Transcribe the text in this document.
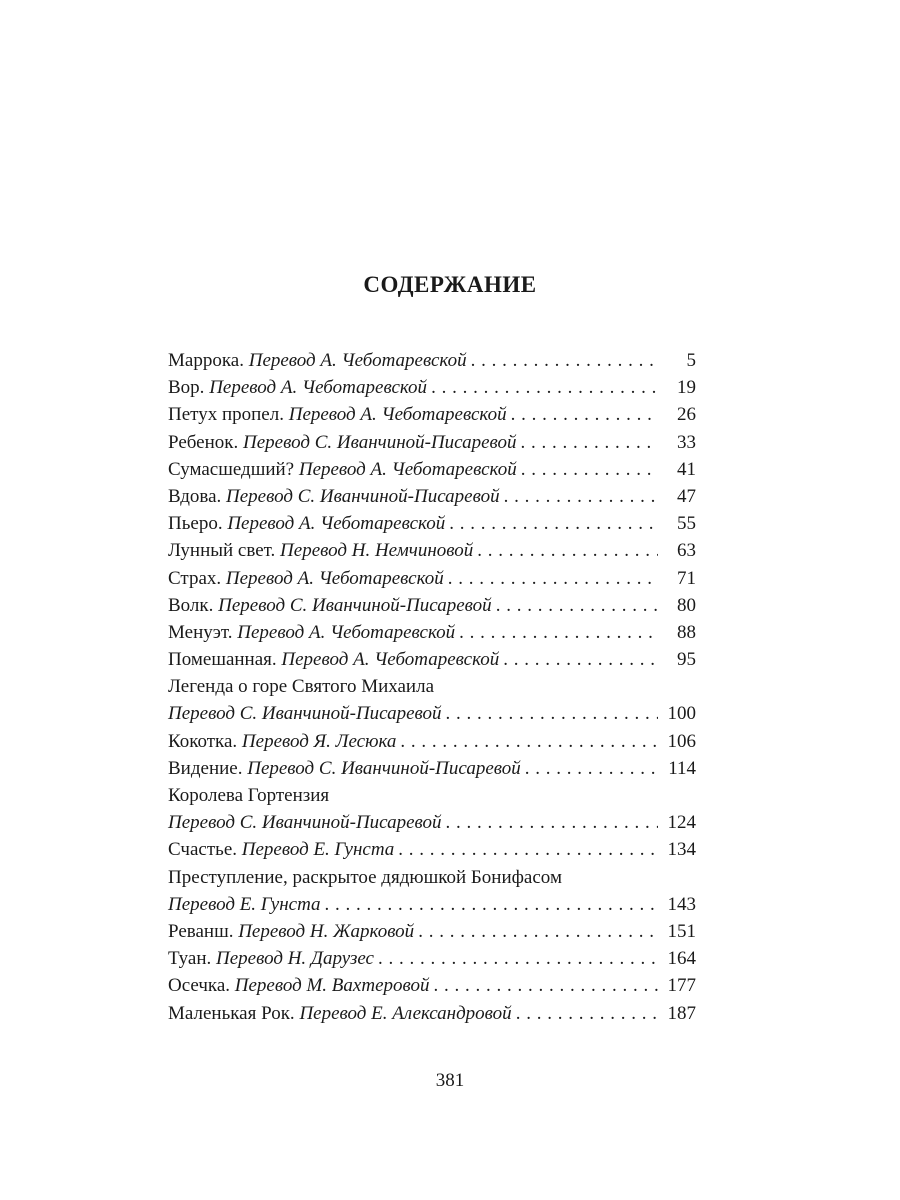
СОДЕРЖАНИЕ
Маррока. Перевод А. Чеботаревской . . .	5
Вор. Перевод А. Чеботаревской . . .	19
Петух пропел. Перевод А. Чеботаревской . . .	26
Ребенок. Перевод С. Иванчиной-Писаревой . . .	33
Сумасшедший? Перевод А. Чеботаревской . . .	41
Вдова. Перевод С. Иванчиной-Писаревой . . .	47
Пьеро. Перевод А. Чеботаревской . . .	55
Лунный свет. Перевод Н. Немчиновой . . .	63
Страх. Перевод А. Чеботаревской . . .	71
Волк. Перевод С. Иванчиной-Писаревой . . .	80
Менуэт. Перевод А. Чеботаревской . . .	88
Помешанная. Перевод А. Чеботаревской . . .	95
Легенда о горе Святого Михаила
Перевод С. Иванчиной-Писаревой . . .	100
Кокотка. Перевод Я. Лесюка . . .	106
Видение. Перевод С. Иванчиной-Писаревой . . .	114
Королева Гортензия
Перевод С. Иванчиной-Писаревой . . .	124
Счастье. Перевод Е. Гунста . . .	134
Преступление, раскрытое дядюшкой Бонифасом
Перевод Е. Гунста . . .	143
Реванш. Перевод Н. Жарковой . . .	151
Туан. Перевод Н. Дарузес . . .	164
Осечка. Перевод М. Вахтеровой . . .	177
Маленькая Рок. Перевод Е. Александровой . . .	187
381
